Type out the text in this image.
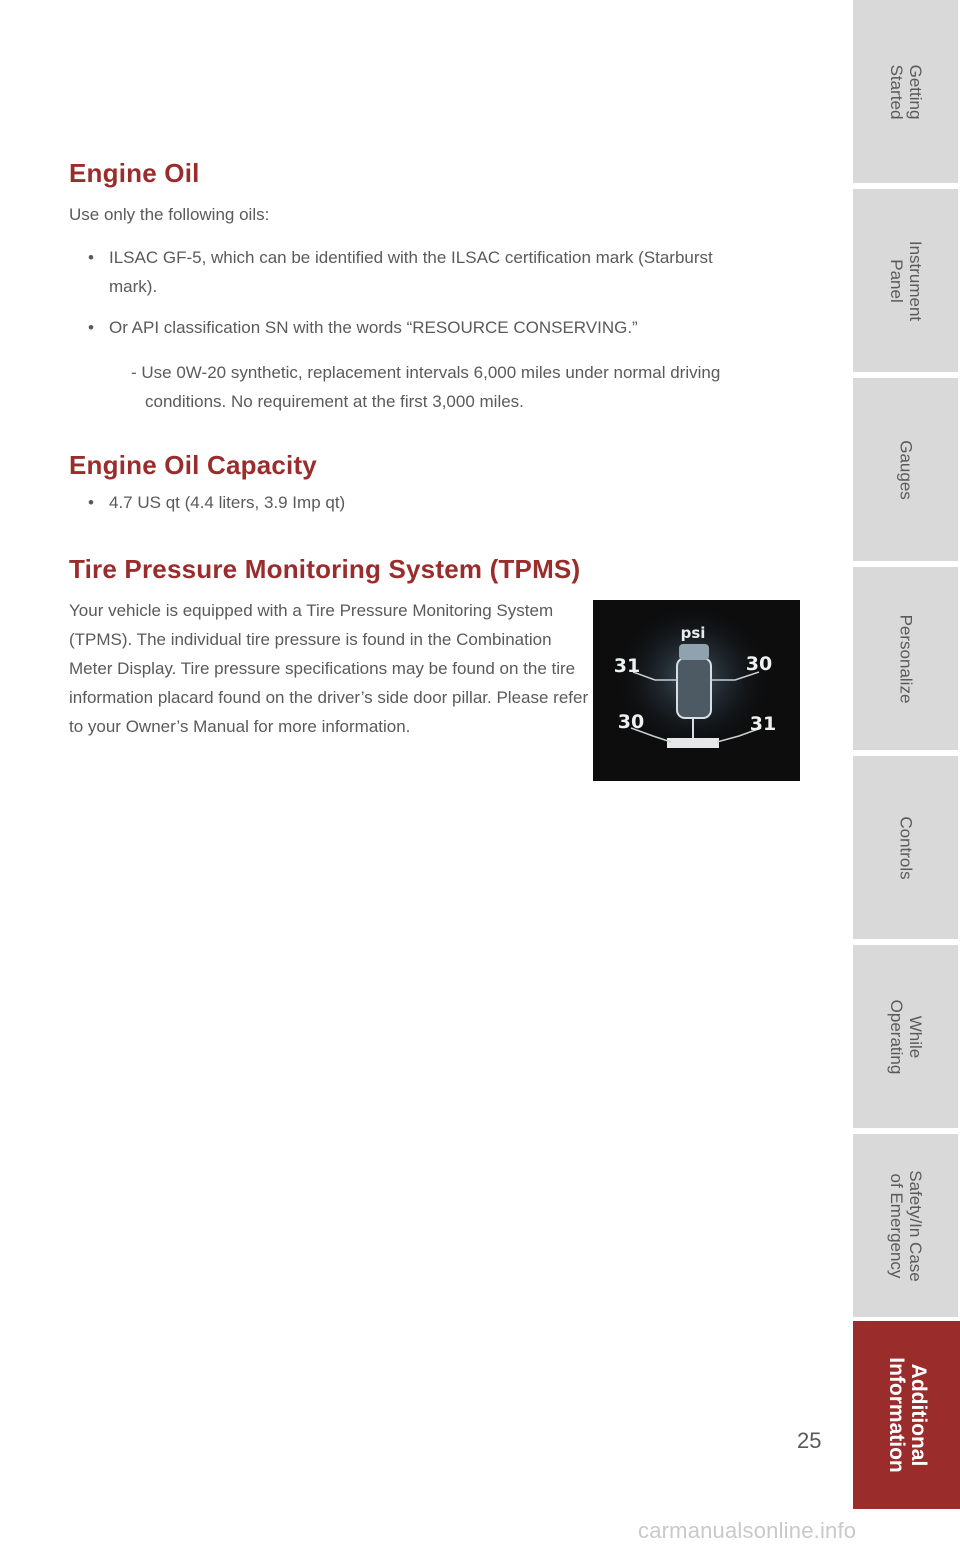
Engine Oil

Use only the following oils:

• ILSAC GF-5, which can be identified with the ILSAC certification mark (Starburst mark).
• Or API classification SN with the words “RESOURCE CONSERVING.”

- Use 0W-20 synthetic, replacement intervals 6,000 miles under normal driving conditions. No requirement at the first 3,000 miles.

Engine Oil Capacity
• 4.7 US qt (4.4 liters, 3.9 Imp qt)
Tire Pressure Monitoring System (TPMS)

Your vehicle is equipped with a Tire Pressure Monitoring System (TPMS). The individual tire pressure is found in the Combination Meter Display. Tire pressure specifications may be found on the tire information placard found on the driver’s side door pillar. Please refer to your Owner’s Manual for more information.

psi
31	30
30	31
Getting
Started
Instrument
Panel
Gauges
Personalize
Controls
While
Operating
Safety/In Case
of Emergency
Additional
Information
25
carmanualsonline.info
